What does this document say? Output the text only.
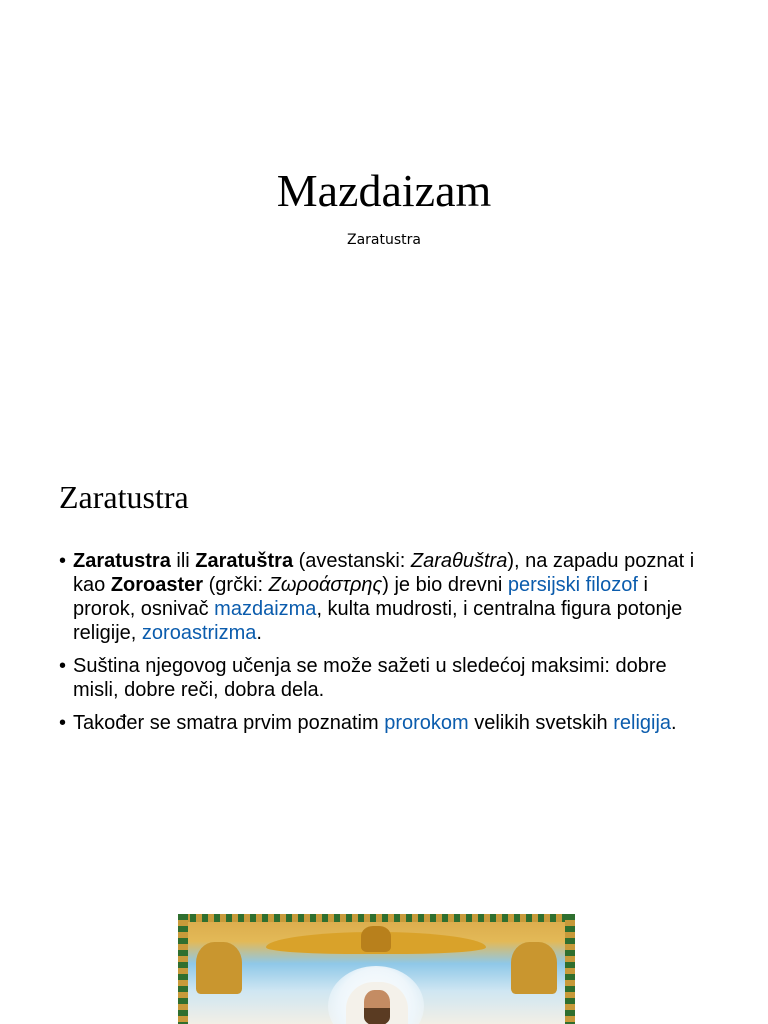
Mazdaizam

Zaratustra

Zaratustra
• Zaratustra ili Zaratuštra (avestanski: Zaraθuštra), na zapadu poznat i kao Zoroaster (grčki: Ζωροάστρης) je bio drevni persijski filozof i prorok, osnivač mazdaizma, kulta mudrosti, i centralna figura potonje religije, zoroastrizma.
• Suština njegovog učenja se može sažeti u sledećoj maksimi: dobre misli, dobre reči, dobra dela.
• Također se smatra prvim poznatim prorokom velikih svetskih religija.
